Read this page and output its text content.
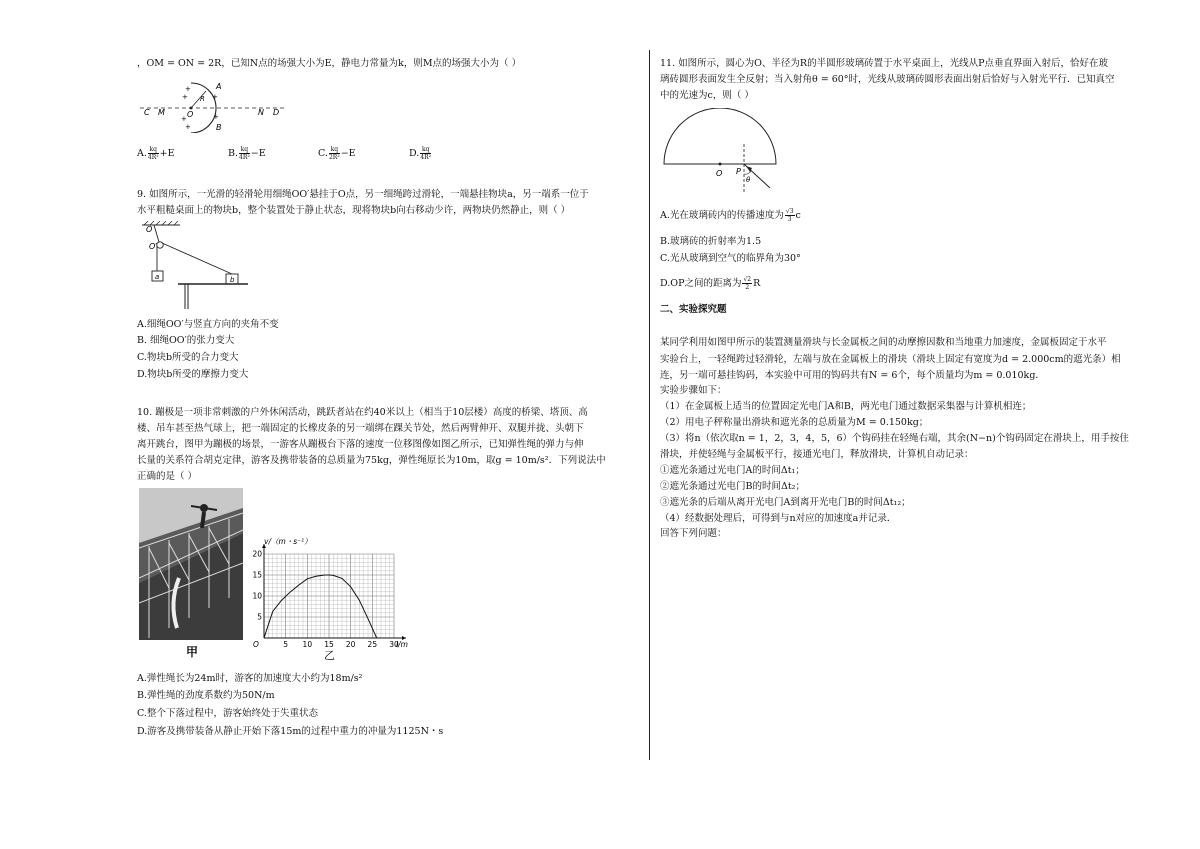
，OM = ON = 2R，已知N点的场强大小为E，静电力常量为k，则M点的场强大小为（ ）
C M	O	N D
A
B
R
+
+
+
+
+
+
A. $\frac{kq}{\text{4R²}} +E$	B. $\frac{kq}{\text{4R²}} -E$	C. $\frac{kq}{\text{2R²}} -E$	D. $\frac{kq}{\text{4R²}}$
9. 如图所示，一光滑的轻滑轮用细绳OO′悬挂于O点，另一细绳跨过滑轮，一端悬挂物块a，另一端系一位于
水平粗糙桌面上的物块b，整个装置处于静止状态，现将物块b向右移动少许，两物块仍然静止，则（ ）
O
O′
a	b
A.细绳OO′与竖直方向的夹角不变
B. 细绳OO′的张力变大
C.物块b所受的合力变大
D.物块b所受的摩擦力变大
10. 蹦极是一项非常刺激的户外休闲活动，跳跃者站在约40米以上（相当于10层楼）高度的桥梁、塔顶、高
楼、吊车甚至热气球上，把一端固定的长橡皮条的另一端绑在踝关节处，然后两臂伸开、双腿并拢、头朝下
离开跳台，图甲为蹦极的场景，一游客从蹦极台下落的速度一位移图像如图乙所示，已知弹性绳的弹力与伸
长量的关系符合胡克定律，游客及携带装备的总质量为75kg，弹性绳原长为10m，取g = 10m/s²．下列说法中
正确的是（ ）
甲
5 10 15 20 25 30
5
10
15
20
v/（m・s⁻¹）
l/m
O
乙
A.弹性绳长为24m时，游客的加速度大小约为18m/s²
B.弹性绳的劲度系数约为50N/m
C.整个下落过程中，游客始终处于失重状态
D.游客及携带装备从静止开始下落15m的过程中重力的冲量为1125N・s
11. 如图所示，圆心为O、半径为R的半圆形玻璃砖置于水平桌面上，光线从P点垂直界面入射后，恰好在玻
璃砖圆形表面发生全反射；当入射角θ = 60°时，光线从玻璃砖圆形表面出射后恰好与入射光平行．已知真空
中的光速为c，则（ ）
O P
θ
A.光在玻璃砖内的传播速度为 $\frac{√3}{3}$ c
B.玻璃砖的折射率为1.5
C.光从玻璃到空气的临界角为30°
D.OP之间的距离为 $\frac{√2}{2}$ R
二、实验探究题
某同学利用如图甲所示的装置测量滑块与长金属板之间的动摩擦因数和当地重力加速度，金属板固定于水平
实验台上，一轻绳跨过轻滑轮，左端与放在金属板上的滑块（滑块上固定有宽度为d = 2.000cm的遮光条）相
连，另一端可悬挂钩码，本实验中可用的钩码共有N = 6个，每个质量均为m = 0.010kg．
实验步骤如下：
（1）在金属板上适当的位置固定光电门A和B，两光电门通过数据采集器与计算机相连；
（2）用电子秤称量出滑块和遮光条的总质量为M = 0.150kg；
（3）将n（依次取n = 1，2，3，4，5，6）个钩码挂在轻绳右端，其余(N−n)个钩码固定在滑块上，用手按住
滑块，并使轻绳与金属板平行，接通光电门，释放滑块，计算机自动记录：
①遮光条通过光电门A的时间Δt₁；
②遮光条通过光电门B的时间Δt₂；
③遮光条的后端从离开光电门A到离开光电门B的时间Δt₁₂；
（4）经数据处理后，可得到与n对应的加速度a并记录．
回答下列问题：
